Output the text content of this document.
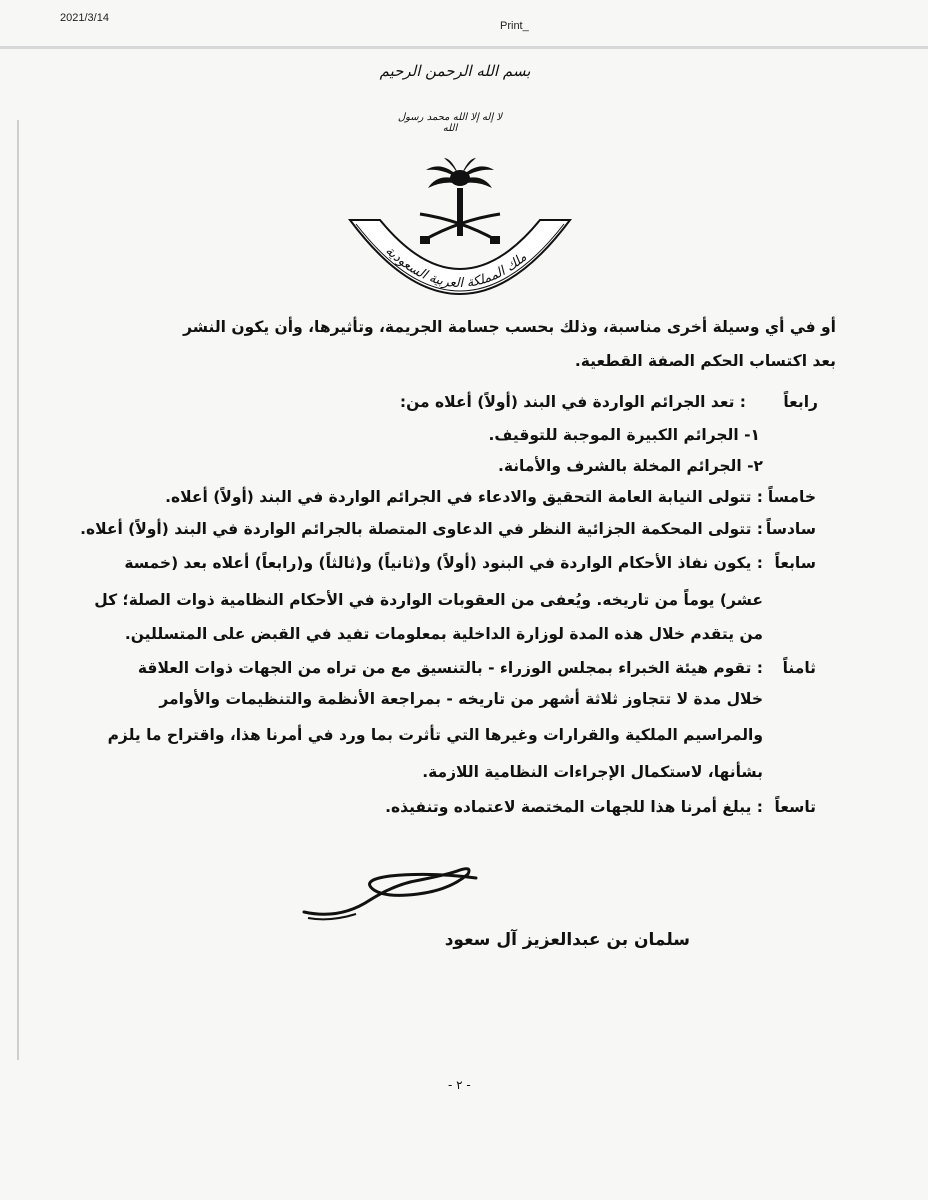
2021/3/14
Print_
بسم الله الرحمن الرحيم
لا إله إلا الله محمد رسول الله
ملك المملكة العربية السعودية
أو في أي وسيلة أخرى مناسبة، وذلك بحسب جسامة الجريمة، وتأثيرها، وأن يكون النشر
بعد اكتساب الحكم الصفة القطعية.
رابعاً
: تعد الجرائم الواردة في البند (أولاً) أعلاه من:
١- الجرائم الكبيرة الموجبة للتوقيف.
٢- الجرائم المخلة بالشرف والأمانة.
خامساً
: تتولى النيابة العامة التحقيق والادعاء في الجرائم الواردة في البند (أولاً) أعلاه.
سادساً
: تتولى المحكمة الجزائية النظر في الدعاوى المتصلة بالجرائم الواردة في البند (أولاً) أعلاه.
سابعاً
: يكون نفاذ الأحكام الواردة في البنود (أولاً) و(ثانياً) و(ثالثاً) و(رابعاً) أعلاه بعد (خمسة
عشر) يوماً من تاريخه. ويُعفى من العقوبات الواردة في الأحكام النظامية ذوات الصلة؛ كل
من يتقدم خلال هذه المدة لوزارة الداخلية بمعلومات تفيد في القبض على المتسللين.
ثامناً
: تقوم هيئة الخبراء بمجلس الوزراء - بالتنسيق مع من تراه من الجهات ذوات العلاقة
خلال مدة لا تتجاوز ثلاثة أشهر من تاريخه - بمراجعة الأنظمة والتنظيمات والأوامر
والمراسيم الملكية والقرارات وغيرها التي تأثرت بما ورد في أمرنا هذا، واقتراح ما يلزم
بشأنها، لاستكمال الإجراءات النظامية اللازمة.
تاسعاً
: يبلغ أمرنا هذا للجهات المختصة لاعتماده وتنفيذه.
سلمان بن عبدالعزيز آل سعود
- ٢ -
